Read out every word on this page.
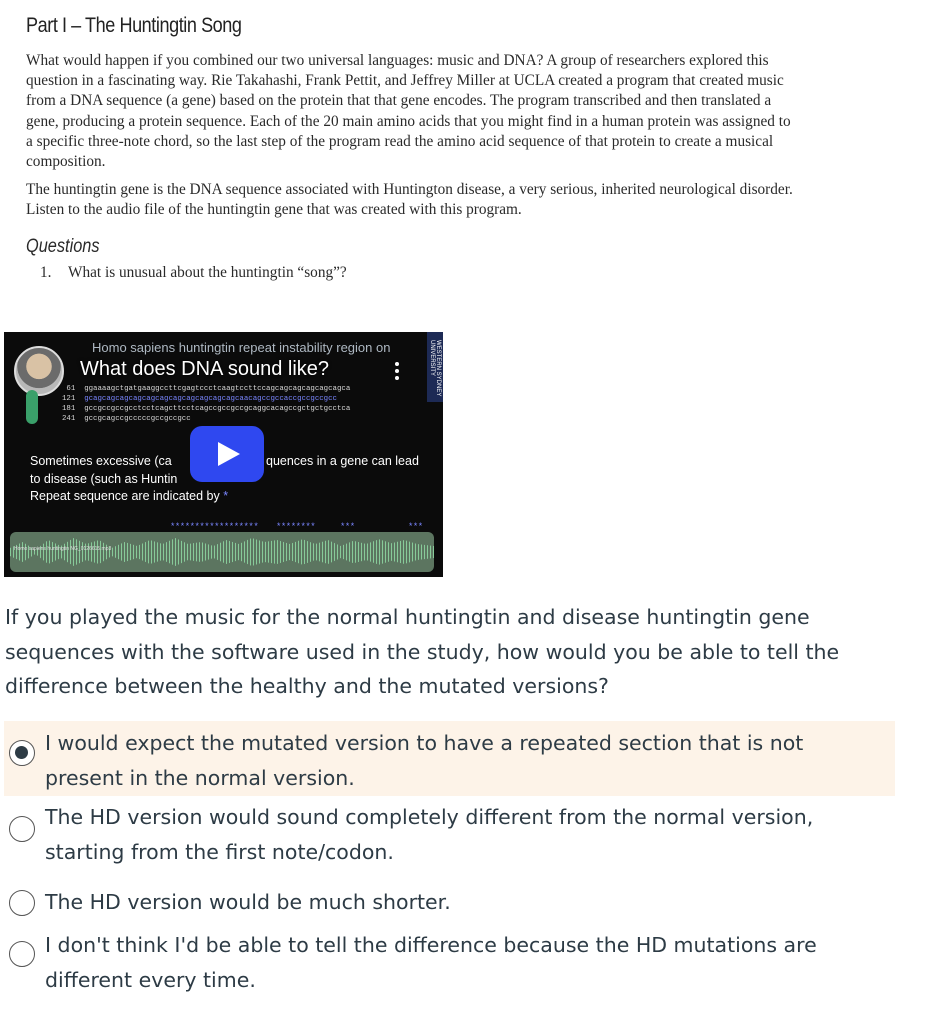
Part I – The Huntingtin Song
What would happen if you combined our two universal languages: music and DNA? A group of researchers explored this question in a fascinating way. Rie Takahashi, Frank Pettit, and Jeffrey Miller at UCLA created a program that created music from a DNA sequence (a gene) based on the protein that that gene encodes. The program transcribed and then translated a gene, producing a protein sequence. Each of the 20 main amino acids that you might find in a human protein was assigned to a specific three-note chord, so the last step of the program read the amino acid sequence of that protein to create a musical composition.
The huntingtin gene is the DNA sequence associated with Huntington disease, a very serious, inherited neurological disorder. Listen to the audio file of the huntingtin gene that was created with this program.
Questions
1. What is unusual about the huntingtin “song”?
WESTERN SYDNEY UNIVERSITY
Homo sapiens huntingtin repeat instability region on
What does DNA sound like?
61  ggaaaagctgatgaaggccttcgagtccctcaagtccttccagcagcagcagcagcagca
121  gcagcagcagcagcagcagcagcagcagcagcagcaacagccgccaccgccgccgcc
181  gccgccgccgcctcctcagcttcctcagccgccgccgcaggcacagccgctgctgcctca
241  gccgcagccgcccccgccgccgcc
Sometimes excessive (ca	quences in a gene can lead
to disease (such as Huntin
Repeat sequence are indicated by *
****************** ********	***	***
Homo sapiens huntingtin NG_0126615.mp3
If you played the music for the normal huntingtin and disease huntingtin gene sequences with the software used in the study, how would you be able to tell the difference between the healthy and the mutated versions?
I would expect the mutated version to have a repeated section that is not present in the normal version.
The HD version would sound completely different from the normal version, starting from the first note/codon.
The HD version would be much shorter.
I don't think I'd be able to tell the difference because the HD mutations are different every time.
